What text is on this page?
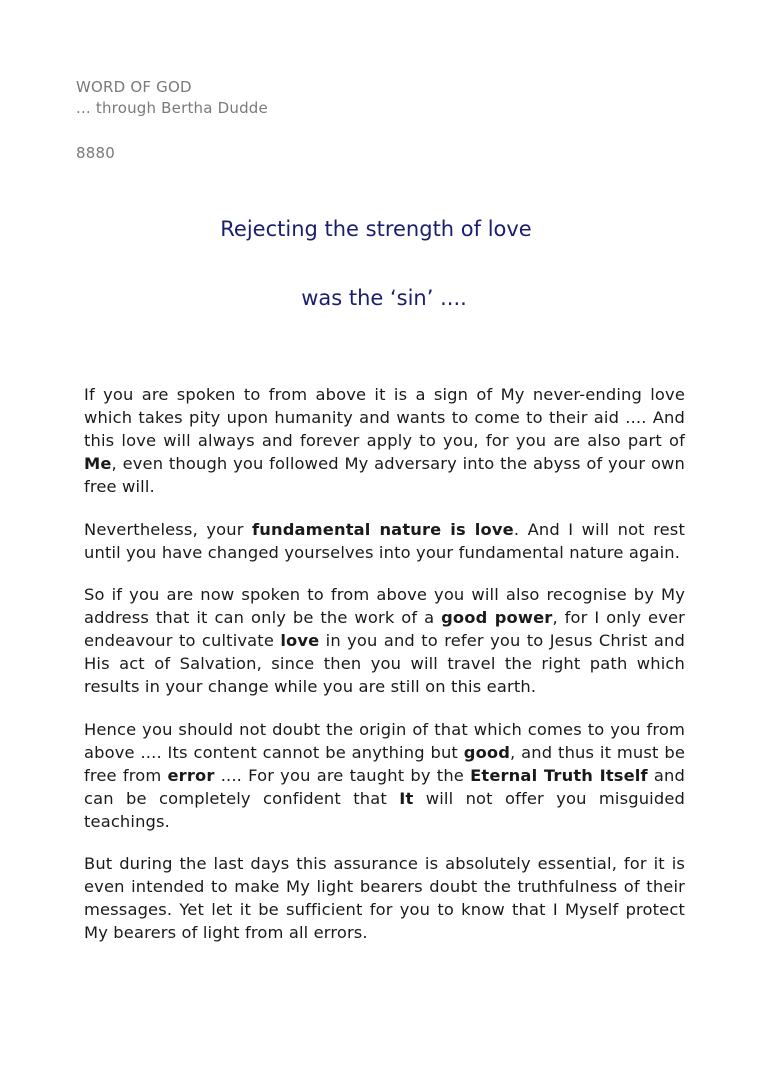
WORD OF GOD
... through Bertha Dudde
8880
Rejecting the strength of love
was the ‘sin’ ....

If you are spoken to from above it is a sign of My never-ending love which takes pity upon humanity and wants to come to their aid .... And this love will always and forever apply to you, for you are also part of Me, even though you followed My adversary into the abyss of your own free will.

Nevertheless, your fundamental nature is love. And I will not rest until you have changed yourselves into your fundamental nature again.

So if you are now spoken to from above you will also recognise by My address that it can only be the work of a good power, for I only ever endeavour to cultivate love in you and to refer you to Jesus Christ and His act of Salvation, since then you will travel the right path which results in your change while you are still on this earth.

Hence you should not doubt the origin of that which comes to you from above .... Its content cannot be anything but good, and thus it must be free from error .... For you are taught by the Eternal Truth Itself and can be completely confident that It will not offer you misguided teachings.

But during the last days this assurance is absolutely essential, for it is even intended to make My light bearers doubt the truthfulness of their messages. Yet let it be sufficient for you to know that I Myself protect My bearers of light from all errors.
